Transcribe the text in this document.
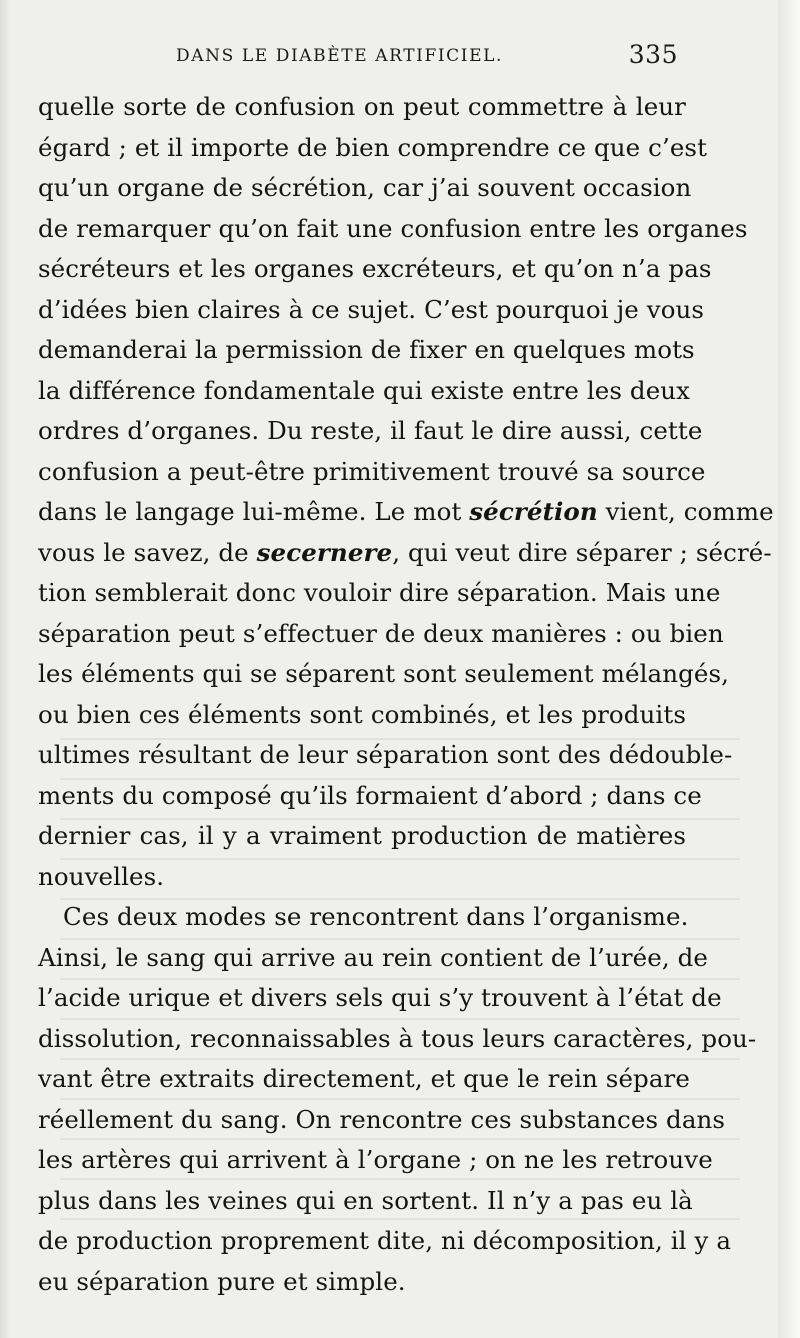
DANS LE DIABÈTE ARTIFICIEL.	335
quelle sorte de confusion on peut commettre à leur
égard ; et il importe de bien comprendre ce que c’est
qu’un organe de sécrétion, car j’ai souvent occasion
de remarquer qu’on fait une confusion entre les organes
sécréteurs et les organes excréteurs, et qu’on n’a pas
d’idées bien claires à ce sujet. C’est pourquoi je vous
demanderai la permission de fixer en quelques mots
la différence fondamentale qui existe entre les deux
ordres d’organes. Du reste, il faut le dire aussi, cette
confusion a peut-être primitivement trouvé sa source
dans le langage lui-même. Le mot sécrétion vient, comme
vous le savez, de secernere, qui veut dire séparer ; sécré-
tion semblerait donc vouloir dire séparation. Mais une
séparation peut s’effectuer de deux manières : ou bien
les éléments qui se séparent sont seulement mélangés,
ou bien ces éléments sont combinés, et les produits
ultimes résultant de leur séparation sont des dédouble-
ments du composé qu’ils formaient d’abord ; dans ce
dernier cas, il y a vraiment production de matières
nouvelles.
Ces deux modes se rencontrent dans l’organisme.
Ainsi, le sang qui arrive au rein contient de l’urée, de
l’acide urique et divers sels qui s’y trouvent à l’état de
dissolution, reconnaissables à tous leurs caractères, pou-
vant être extraits directement, et que le rein sépare
réellement du sang. On rencontre ces substances dans
les artères qui arrivent à l’organe ; on ne les retrouve
plus dans les veines qui en sortent. Il n’y a pas eu là
de production proprement dite, ni décomposition, il y a
eu séparation pure et simple.
